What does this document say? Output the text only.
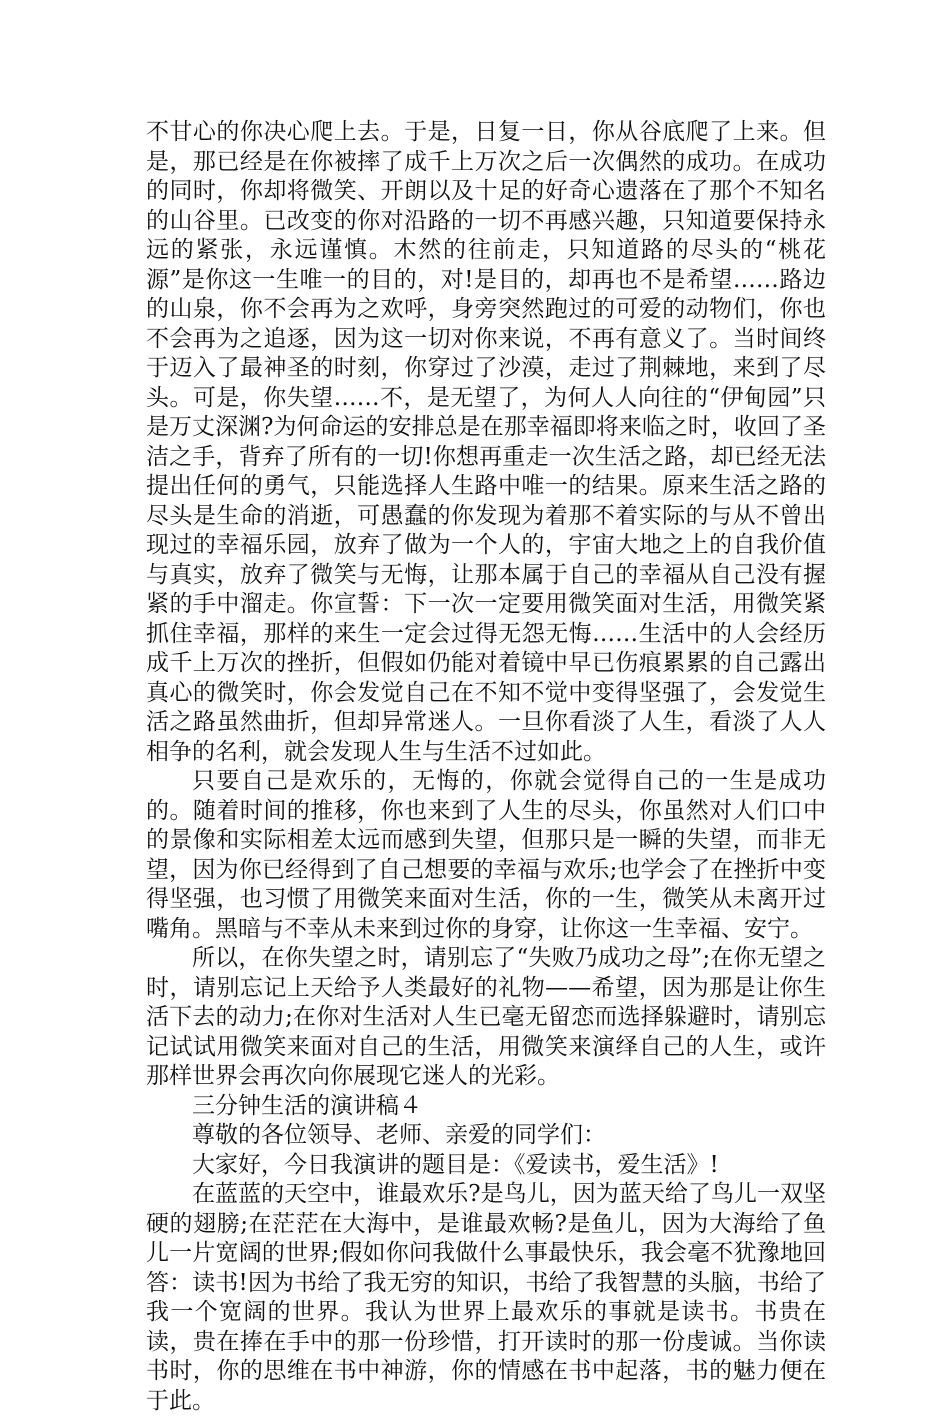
不甘心的你决心爬上去。于是，日复一日，你从谷底爬了上来。但是，那已经是在你被摔了成千上万次之后一次偶然的成功。在成功的同时，你却将微笑、开朗以及十足的好奇心遗落在了那个不知名的山谷里。已改变的你对沿路的一切不再感兴趣，只知道要保持永远的紧张，永远谨慎。木然的往前走，只知道路的尽头的“桃花源”是你这一生唯一的目的，对!是目的，却再也不是希望……路边的山泉，你不会再为之欢呼，身旁突然跑过的可爱的动物们，你也不会再为之追逐，因为这一切对你来说，不再有意义了。当时间终于迈入了最神圣的时刻，你穿过了沙漠，走过了荆棘地，来到了尽头。可是，你失望……不，是无望了，为何人人向往的“伊甸园”只是万丈深渊?为何命运的安排总是在那幸福即将来临之时，收回了圣洁之手，背弃了所有的一切!你想再重走一次生活之路，却已经无法提出任何的勇气，只能选择人生路中唯一的结果。原来生活之路的尽头是生命的消逝，可愚蠢的你发现为着那不着实际的与从不曾出现过的幸福乐园，放弃了做为一个人的，宇宙大地之上的自我价值与真实，放弃了微笑与无悔，让那本属于自己的幸福从自己没有握紧的手中溜走。你宣誓：下一次一定要用微笑面对生活，用微笑紧抓住幸福，那样的来生一定会过得无怨无悔……生活中的人会经历成千上万次的挫折，但假如仍能对着镜中早已伤痕累累的自己露出真心的微笑时，你会发觉自己在不知不觉中变得坚强了，会发觉生活之路虽然曲折，但却异常迷人。一旦你看淡了人生，看淡了人人相争的名利，就会发现人生与生活不过如此。

只要自己是欢乐的，无悔的，你就会觉得自己的一生是成功的。随着时间的推移，你也来到了人生的尽头，你虽然对人们口中的景像和实际相差太远而感到失望，但那只是一瞬的失望，而非无望，因为你已经得到了自己想要的幸福与欢乐;也学会了在挫折中变得坚强，也习惯了用微笑来面对生活，你的一生，微笑从未离开过嘴角。黑暗与不幸从未来到过你的身穿，让你这一生幸福、安宁。

所以，在你失望之时，请别忘了“失败乃成功之母”;在你无望之时，请别忘记上天给予人类最好的礼物——希望，因为那是让你生活下去的动力;在你对生活对人生已毫无留恋而选择躲避时，请别忘记试试用微笑来面对自己的生活，用微笑来演绎自己的人生，或许那样世界会再次向你展现它迷人的光彩。

三分钟生活的演讲稿４

尊敬的各位领导、老师、亲爱的同学们：

大家好，今日我演讲的题目是：《爱读书，爱生活》!

在蓝蓝的天空中，谁最欢乐?是鸟儿，因为蓝天给了鸟儿一双坚硬的翅膀;在茫茫在大海中，是谁最欢畅?是鱼儿，因为大海给了鱼儿一片宽阔的世界;假如你问我做什么事最快乐，我会毫不犹豫地回答：读书!因为书给了我无穷的知识，书给了我智慧的头脑，书给了我一个宽阔的世界。我认为世界上最欢乐的事就是读书。书贵在读，贵在捧在手中的那一份珍惜，打开读时的那一份虔诚。当你读书时，你的思维在书中神游，你的情感在书中起落，书的魅力便在于此。
